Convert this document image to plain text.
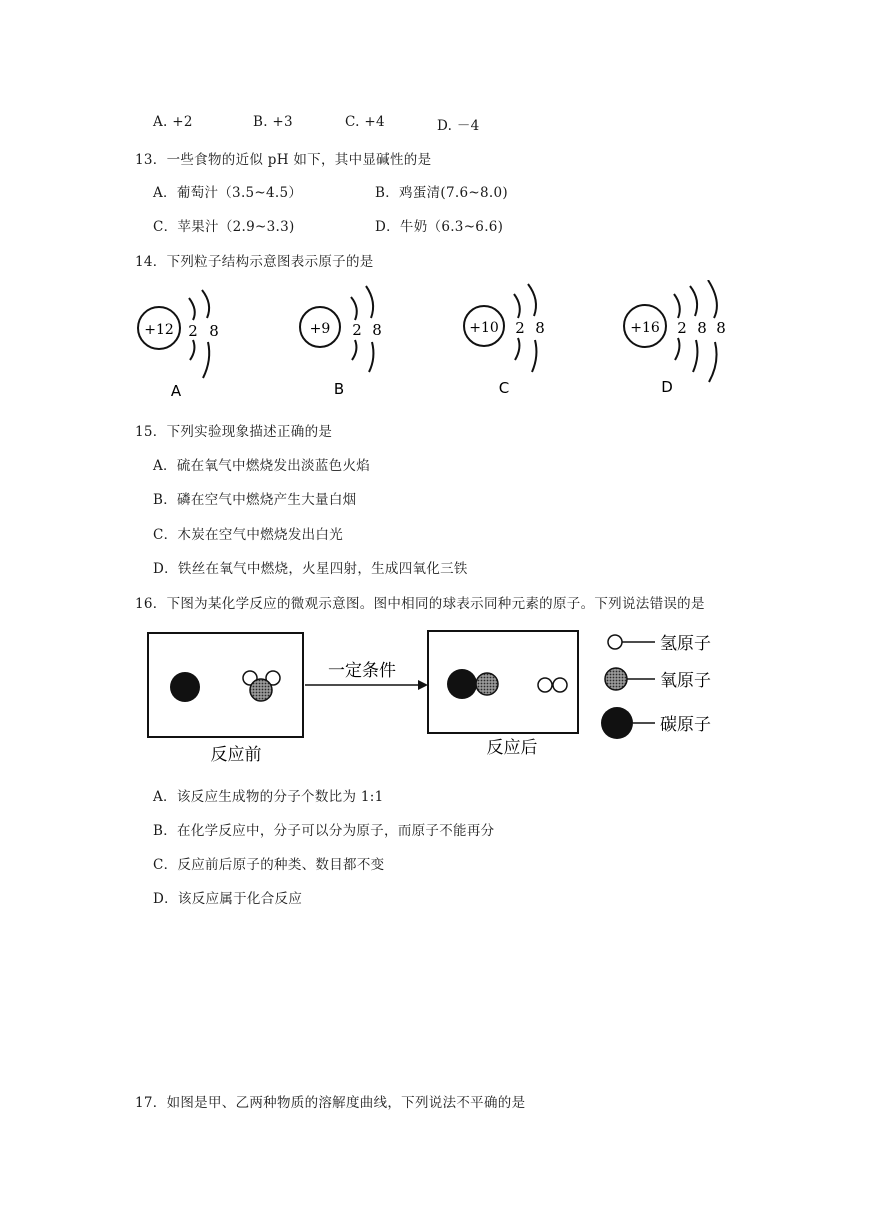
A. +2	B. +3	C. +4	D. －4
13．一些食物的近似 pH 如下，其中显碱性的是
A．葡萄汁（3.5~4.5）	B．鸡蛋清(7.6~8.0)
C．苹果汁（2.9~3.3)	D．牛奶（6.3~6.6)
14．下列粒子结构示意图表示原子的是
+12 2 8
A
+9 2 8
B
+10 2 8
C
+16 2 8 8
D
15．下列实验现象描述正确的是
A．硫在氧气中燃烧发出淡蓝色火焰
B．磷在空气中燃烧产生大量白烟
C．木炭在空气中燃烧发出白光
D．铁丝在氧气中燃烧，火星四射，生成四氧化三铁
16．下图为某化学反应的微观示意图。图中相同的球表示同种元素的原子。下列说法错误的是
反应前
一定条件
反应后
氢原子
氧原子
碳原子
A．该反应生成物的分子个数比为 1:1
B．在化学反应中，分子可以分为原子，而原子不能再分
C．反应前后原子的种类、数目都不变
D．该反应属于化合反应
17．如图是甲、乙两种物质的溶解度曲线，下列说法不平确的是
